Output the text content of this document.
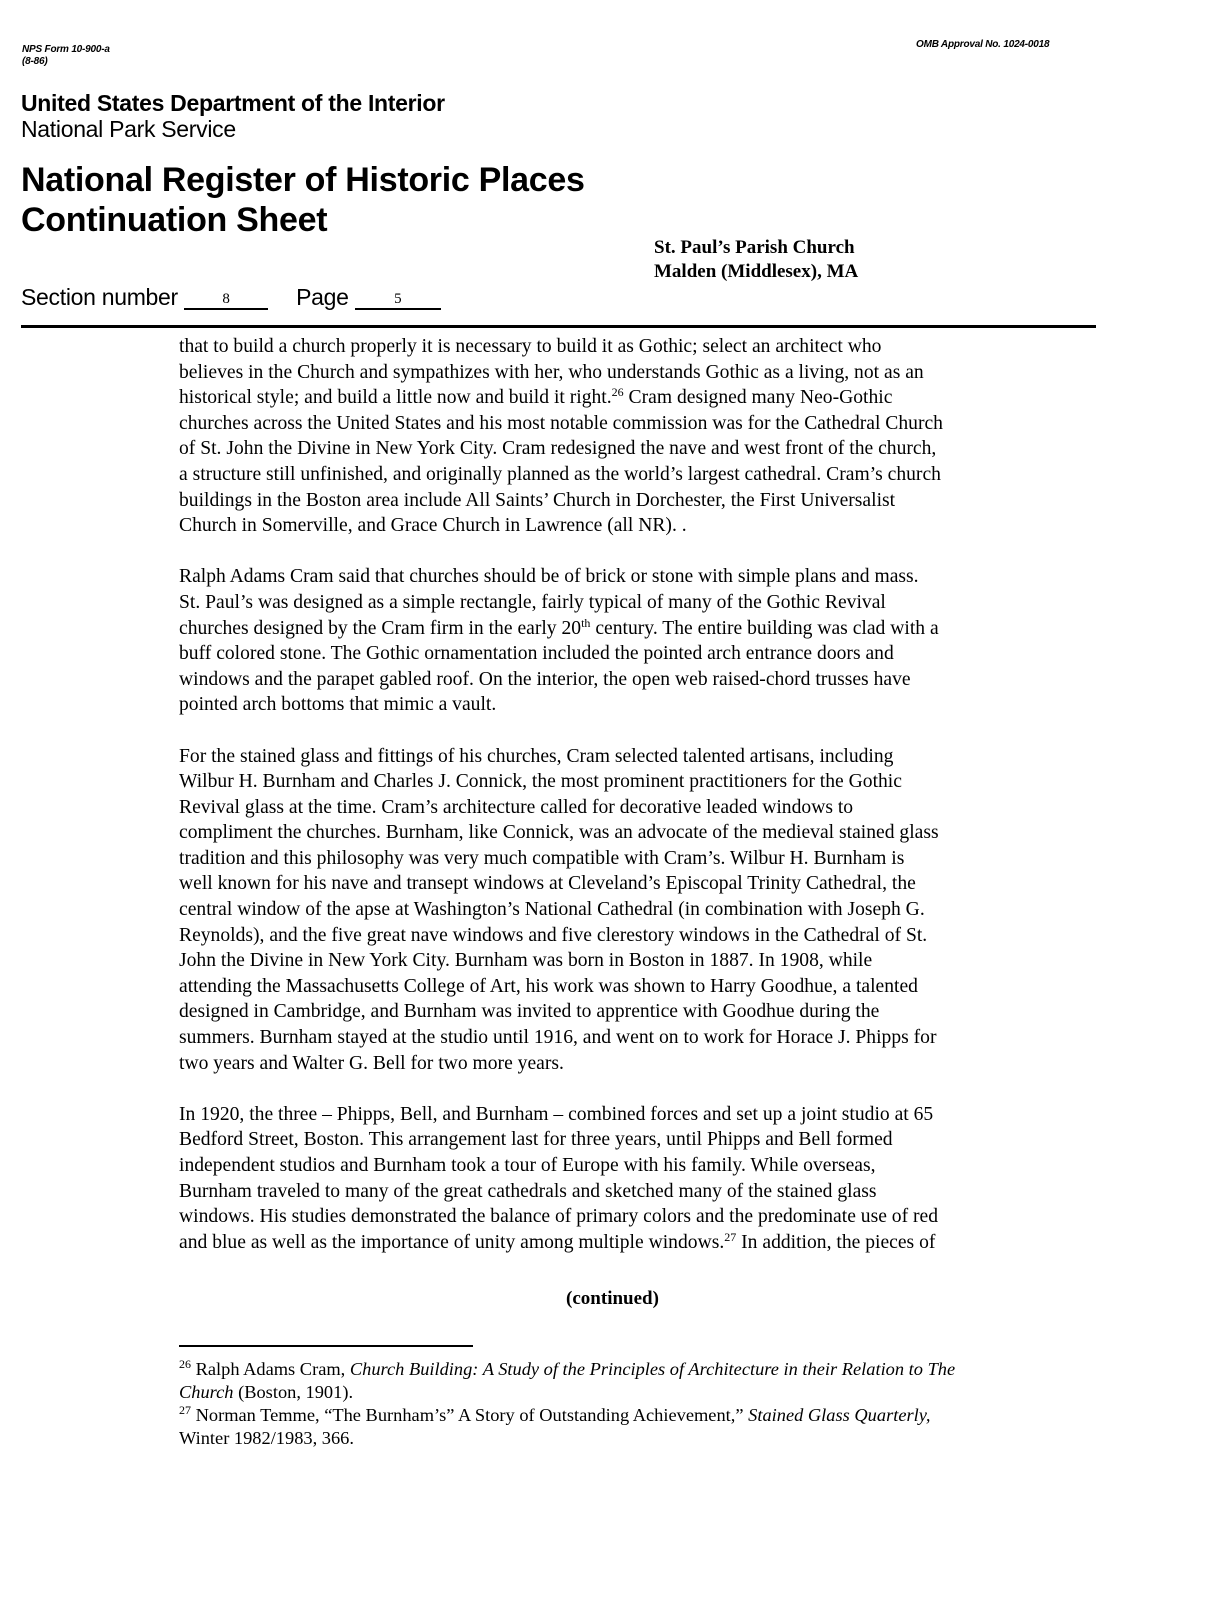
NPS Form 10-900-a
(8-86)
OMB Approval No. 1024-0018
United States Department of the Interior
National Park Service
National Register of Historic Places
Continuation Sheet
St. Paul’s Parish Church
Malden (Middlesex), MA
Section number	8	Page	5

that to build a church properly it is necessary to build it as Gothic; select an architect who
believes in the Church and sympathizes with her, who understands Gothic as a living, not as an
historical style; and build a little now and build it right.$^{26}$ Cram designed many Neo-Gothic
churches across the United States and his most notable commission was for the Cathedral Church
of St. John the Divine in New York City. Cram redesigned the nave and west front of the church,
a structure still unfinished, and originally planned as the world’s largest cathedral. Cram’s church
buildings in the Boston area include All Saints’ Church in Dorchester, the First Universalist
Church in Somerville, and Grace Church in Lawrence (all NR). .

Ralph Adams Cram said that churches should be of brick or stone with simple plans and mass.
St. Paul’s was designed as a simple rectangle, fairly typical of many of the Gothic Revival
churches designed by the Cram firm in the early 20th century. The entire building was clad with a
buff colored stone. The Gothic ornamentation included the pointed arch entrance doors and
windows and the parapet gabled roof. On the interior, the open web raised-chord trusses have
pointed arch bottoms that mimic a vault.

For the stained glass and fittings of his churches, Cram selected talented artisans, including
Wilbur H. Burnham and Charles J. Connick, the most prominent practitioners for the Gothic
Revival glass at the time. Cram’s architecture called for decorative leaded windows to
compliment the churches. Burnham, like Connick, was an advocate of the medieval stained glass
tradition and this philosophy was very much compatible with Cram’s. Wilbur H. Burnham is
well known for his nave and transept windows at Cleveland’s Episcopal Trinity Cathedral, the
central window of the apse at Washington’s National Cathedral (in combination with Joseph G.
Reynolds), and the five great nave windows and five clerestory windows in the Cathedral of St.
John the Divine in New York City. Burnham was born in Boston in 1887. In 1908, while
attending the Massachusetts College of Art, his work was shown to Harry Goodhue, a talented
designed in Cambridge, and Burnham was invited to apprentice with Goodhue during the
summers. Burnham stayed at the studio until 1916, and went on to work for Horace J. Phipps for
two years and Walter G. Bell for two more years.

In 1920, the three – Phipps, Bell, and Burnham – combined forces and set up a joint studio at 65
Bedford Street, Boston. This arrangement last for three years, until Phipps and Bell formed
independent studios and Burnham took a tour of Europe with his family. While overseas,
Burnham traveled to many of the great cathedrals and sketched many of the stained glass
windows. His studies demonstrated the balance of primary colors and the predominate use of red
and blue as well as the importance of unity among multiple windows.$^{27}$ In addition, the pieces of

(continued)
$^{26}$ Ralph Adams Cram, Church Building: A Study of the Principles of Architecture in their Relation to The
Church (Boston, 1901).
$^{27}$ Norman Temme, “The Burnham’s” A Story of Outstanding Achievement,” Stained Glass Quarterly,
Winter 1982/1983, 366.
